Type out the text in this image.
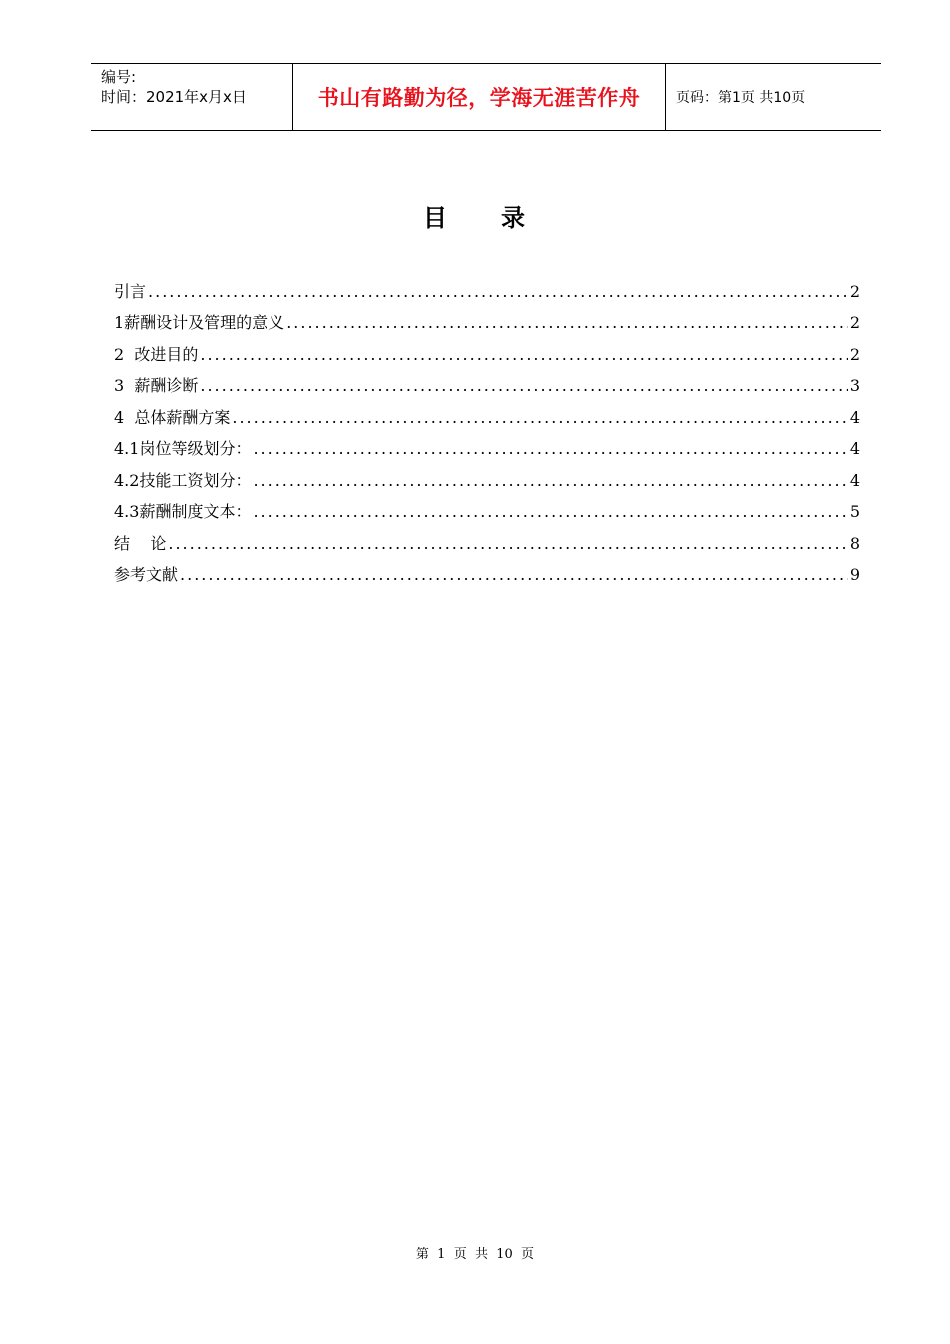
编号:
时间：2021年x月x日	书山有路勤为径，学海无涯苦作舟	页码：第1页 共10页
目 录
引言 .....	2
1薪酬设计及管理的意义 .....	2
2  改进目的 .....	2
3  薪酬诊断 .....	3
4  总体薪酬方案 .....	4
4.1岗位等级划分： .....	4
4.2技能工资划分： .....	4
4.3薪酬制度文本： .....	5
结    论 .....	8
参考文献 .....	9
第  1  页  共  10  页
